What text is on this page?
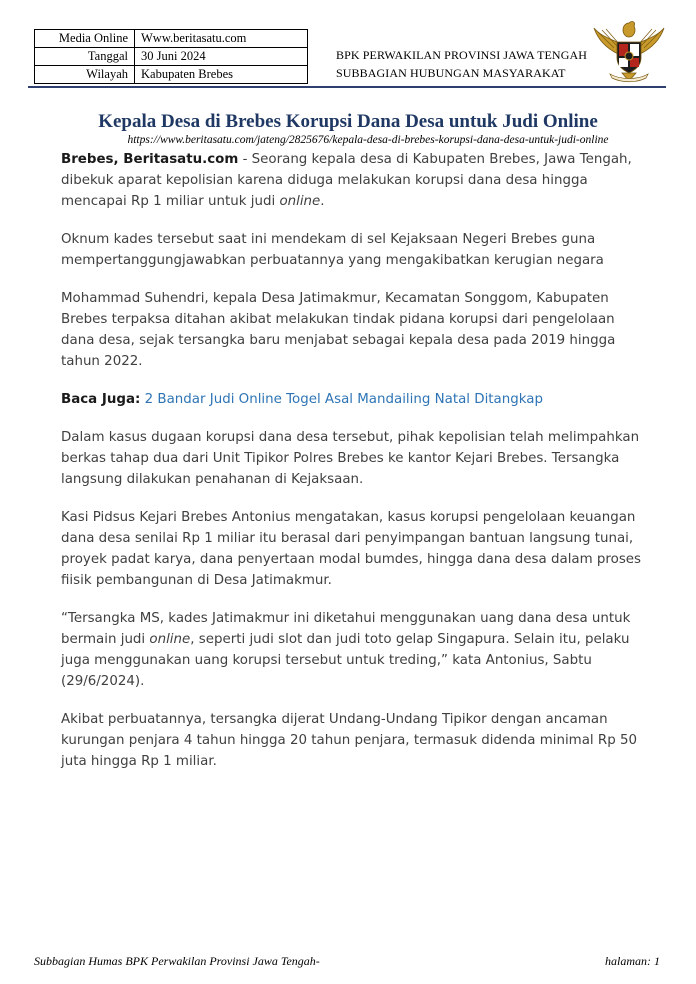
Media Online	Www.beritasatu.com
Tanggal	30 Juni 2024
Wilayah	Kabupaten Brebes
BPK PERWAKILAN PROVINSI JAWA TENGAH
SUBBAGIAN HUBUNGAN MASYARAKAT
Kepala Desa di Brebes Korupsi Dana Desa untuk Judi Online
https://www.beritasatu.com/jateng/2825676/kepala-desa-di-brebes-korupsi-dana-desa-untuk-judi-online

Brebes, Beritasatu.com - Seorang kepala desa di Kabupaten Brebes, Jawa Tengah, dibekuk aparat kepolisian karena diduga melakukan korupsi dana desa hingga mencapai Rp 1 miliar untuk judi online.

Oknum kades tersebut saat ini mendekam di sel Kejaksaan Negeri Brebes guna mempertanggungjawabkan perbuatannya yang mengakibatkan kerugian negara

Mohammad Suhendri, kepala Desa Jatimakmur, Kecamatan Songgom, Kabupaten Brebes terpaksa ditahan akibat melakukan tindak pidana korupsi dari pengelolaan dana desa, sejak tersangka baru menjabat sebagai kepala desa pada 2019 hingga tahun 2022.

Baca Juga: 2 Bandar Judi Online Togel Asal Mandailing Natal Ditangkap

Dalam kasus dugaan korupsi dana desa tersebut, pihak kepolisian telah melimpahkan berkas tahap dua dari Unit Tipikor Polres Brebes ke kantor Kejari Brebes. Tersangka langsung dilakukan penahanan di Kejaksaan.

Kasi Pidsus Kejari Brebes Antonius mengatakan, kasus korupsi pengelolaan keuangan dana desa senilai Rp 1 miliar itu berasal dari penyimpangan bantuan langsung tunai, proyek padat karya, dana penyertaan modal bumdes, hingga dana desa dalam proses fiisik pembangunan di Desa Jatimakmur.

“Tersangka MS, kades Jatimakmur ini diketahui menggunakan uang dana desa untuk bermain judi online, seperti judi slot dan judi toto gelap Singapura. Selain itu, pelaku juga menggunakan uang korupsi tersebut untuk treding,” kata Antonius, Sabtu (29/6/2024).

Akibat perbuatannya, tersangka dijerat Undang-Undang Tipikor dengan ancaman kurungan penjara 4 tahun hingga 20 tahun penjara, termasuk didenda minimal Rp 50 juta hingga Rp 1 miliar.

Subbagian Humas BPK Perwakilan Provinsi Jawa Tengah-	halaman: 1
